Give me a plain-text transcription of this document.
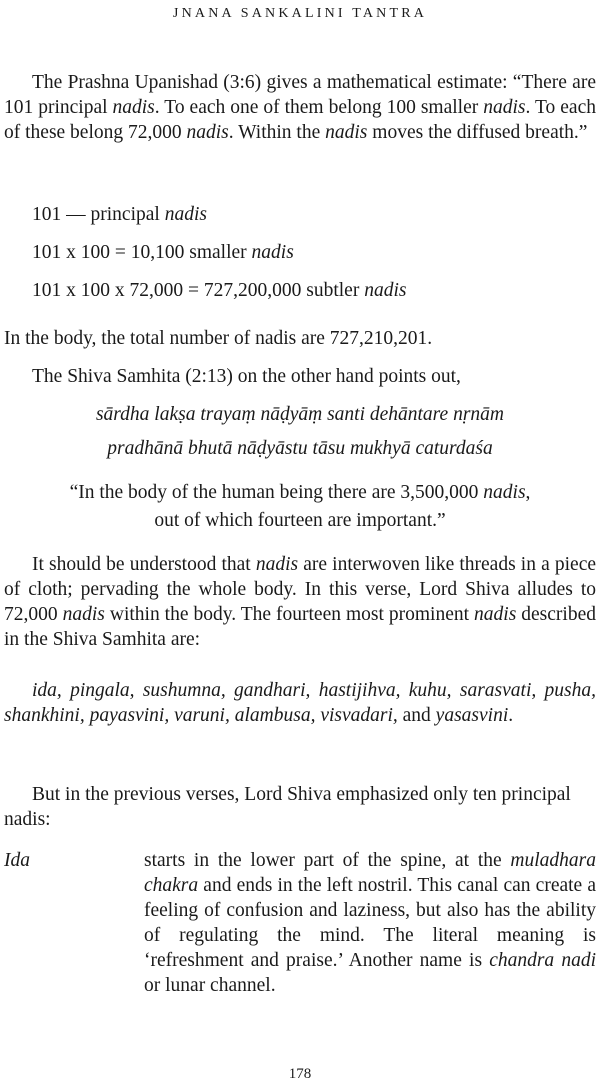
JNANA SANKALINI TANTRA

The Prashna Upanishad (3:6) gives a mathematical estimate: “There are 101 principal nadis. To each one of them belong 100 smaller nadis. To each of these belong 72,000 nadis. Within the nadis moves the diffused breath.”

101 — principal nadis
101 x 100 = 10,100 smaller nadis
101 x 100 x 72,000 = 727,200,000 subtler nadis

In the body, the total number of nadis are 727,210,201.

The Shiva Samhita (2:13) on the other hand points out,

sārdha lakṣa trayaṃ nāḍyāṃ santi dehāntare nṛnām
pradhānā bhutā nāḍyāstu tāsu mukhyā caturdaśa
“In the body of the human being there are 3,500,000 nadis,
out of which fourteen are important.”

It should be understood that nadis are interwoven like threads in a piece of cloth; pervading the whole body. In this verse, Lord Shiva alludes to 72,000 nadis within the body. The fourteen most prominent nadis described in the Shiva Samhita are:

ida, pingala, sushumna, gandhari, hastijihva, kuhu, sarasvati, pusha, shankhini, payasvini, varuni, alambusa, visvadari, and yasasvini.

But in the previous verses, Lord Shiva emphasized only ten principal nadis:

Ida	starts in the lower part of the spine, at the muladhara chakra and ends in the left nostril. This canal can create a feeling of confusion and laziness, but also has the ability of regulating the mind. The literal meaning is ‘refreshment and praise.’ Another name is chandra nadi or lunar channel.

178
